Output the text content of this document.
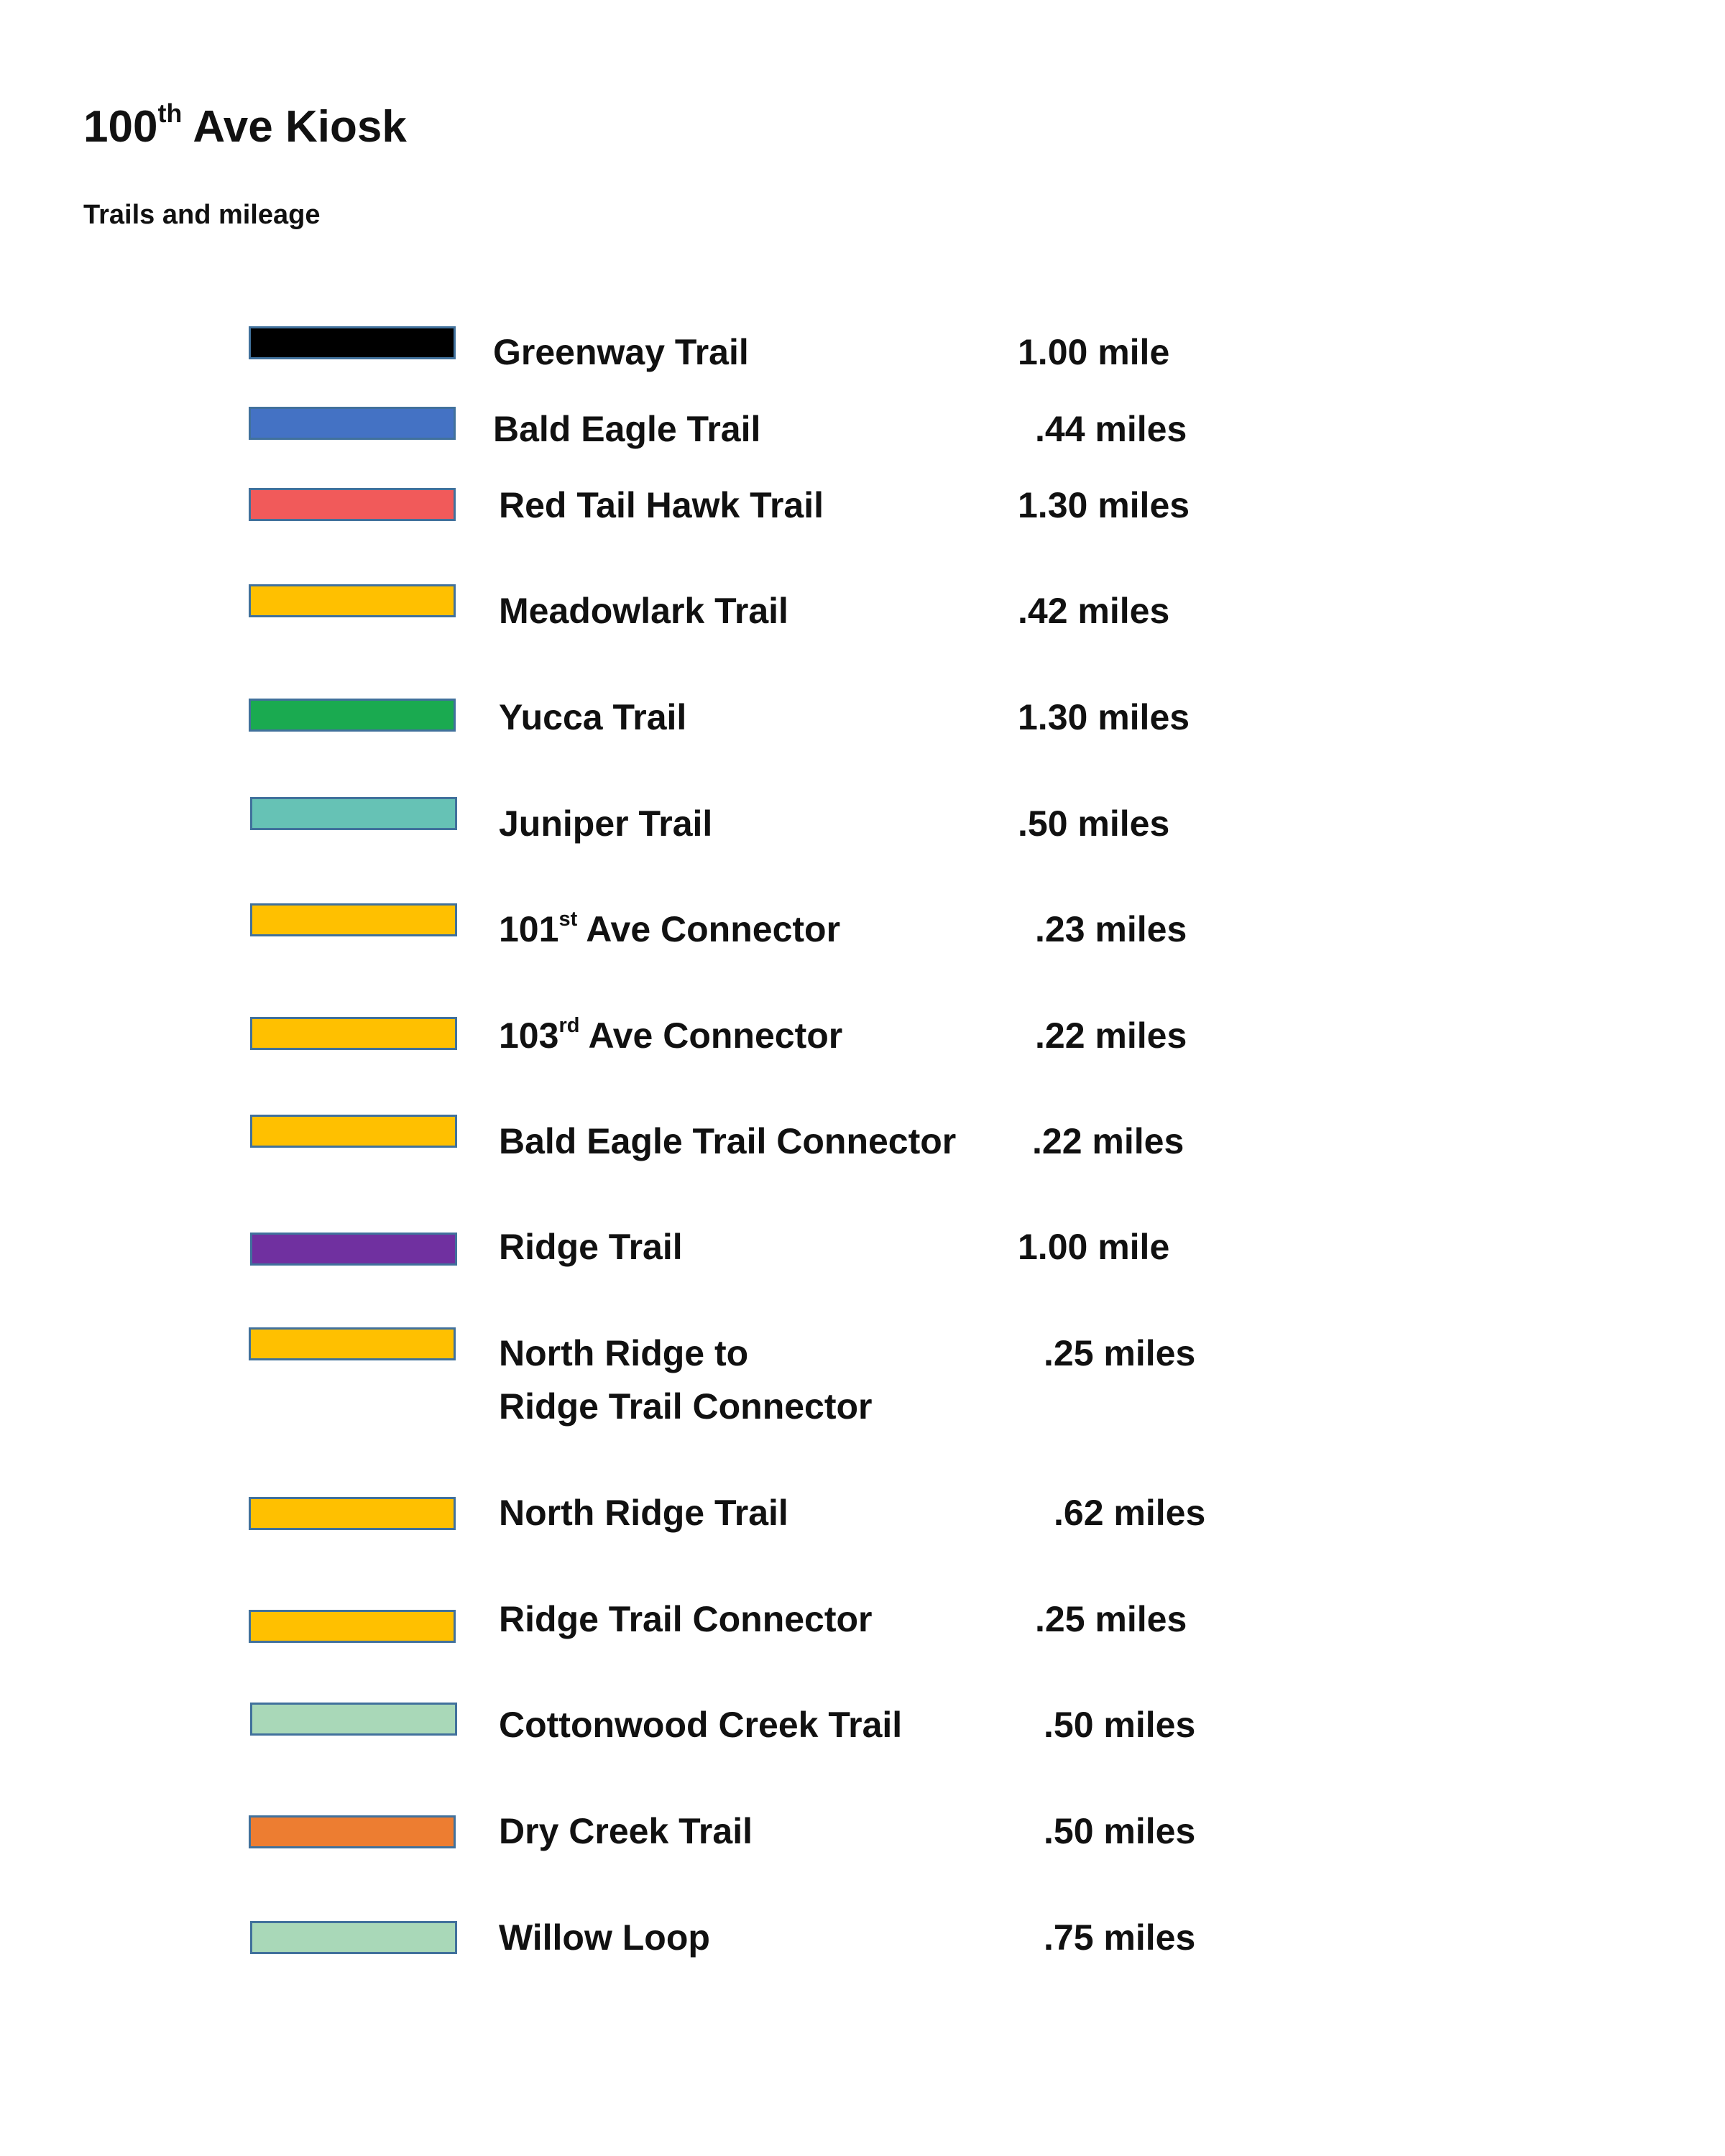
100th Ave Kiosk
Trails and mileage
Greenway Trail	1.00 mile
Bald Eagle Trail	.44 miles
Red Tail Hawk Trail	1.30 miles
Meadowlark Trail	.42 miles
Yucca Trail	1.30 miles
Juniper Trail	.50 miles
101st Ave Connector	.23 miles
103rd Ave Connector	.22 miles
Bald Eagle Trail Connector .22 miles
Ridge Trail	1.00 mile
North Ridge to
Ridge Trail Connector
.25 miles
North Ridge Trail	.62 miles
Ridge Trail Connector	.25 miles
Cottonwood Creek Trail	.50 miles
Dry Creek Trail	.50 miles
Willow Loop	.75 miles
